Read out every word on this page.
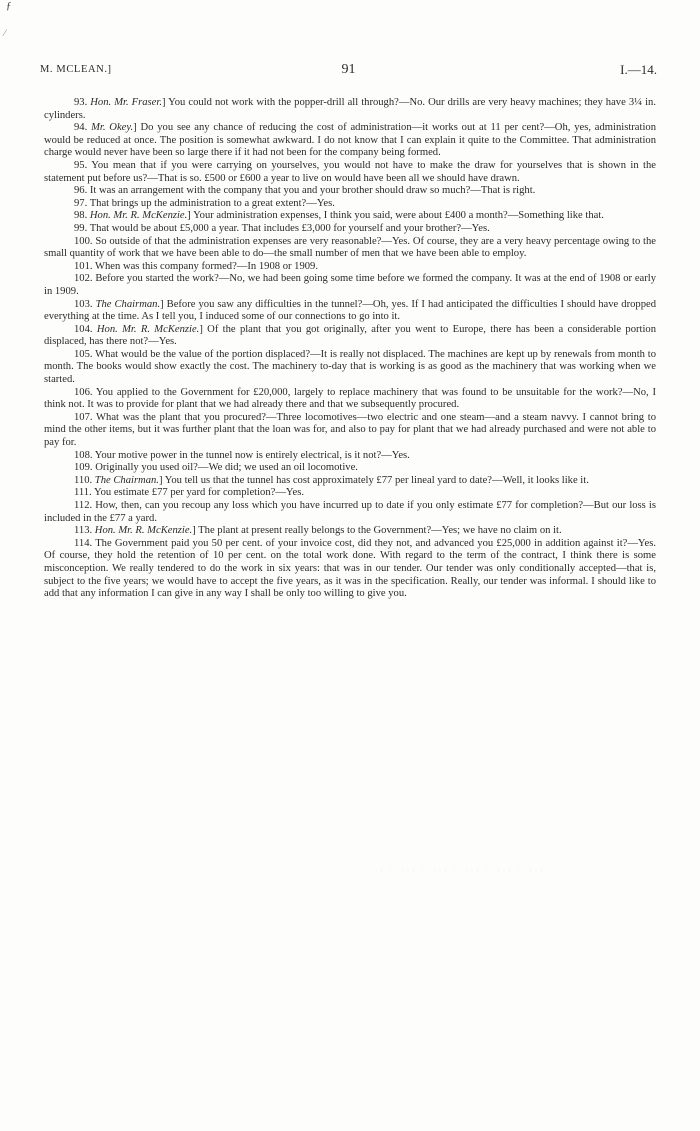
ƒ
⁄
M. MCLEAN.]	91	I.—14.

93. Hon. Mr. Fraser.] You could not work with the popper-drill all through?—No. Our drills are very heavy machines; they have 3¼ in. cylinders.

94. Mr. Okey.] Do you see any chance of reducing the cost of administration—it works out at 11 per cent?—Oh, yes, administration would be reduced at once. The position is somewhat awkward. I do not know that I can explain it quite to the Committee. That administration charge would never have been so large there if it had not been for the company being formed.

95. You mean that if you were carrying on yourselves, you would not have to make the draw for yourselves that is shown in the statement put before us?—That is so. £500 or £600 a year to live on would have been all we should have drawn.

96. It was an arrangement with the company that you and your brother should draw so much?—That is right.

97. That brings up the administration to a great extent?—Yes.

98. Hon. Mr. R. McKenzie.] Your administration expenses, I think you said, were about £400 a month?—Something like that.

99. That would be about £5,000 a year. That includes £3,000 for yourself and your brother?—Yes.

100. So outside of that the administration expenses are very reasonable?—Yes. Of course, they are a very heavy percentage owing to the small quantity of work that we have been able to do—the small number of men that we have been able to employ.

101. When was this company formed?—In 1908 or 1909.

102. Before you started the work?—No, we had been going some time before we formed the company. It was at the end of 1908 or early in 1909.

103. The Chairman.] Before you saw any difficulties in the tunnel?—Oh, yes. If I had anticipated the difficulties I should have dropped everything at the time. As I tell you, I induced some of our connections to go into it.

104. Hon. Mr. R. McKenzie.] Of the plant that you got originally, after you went to Europe, there has been a considerable portion displaced, has there not?—Yes.

105. What would be the value of the portion displaced?—It is really not displaced. The machines are kept up by renewals from month to month. The books would show exactly the cost. The machinery to-day that is working is as good as the machinery that was working when we started.

106. You applied to the Government for £20,000, largely to replace machinery that was found to be unsuitable for the work?—No, I think not. It was to provide for plant that we had already there and that we subsequently procured.

107. What was the plant that you procured?—Three locomotives—two electric and one steam—and a steam navvy. I cannot bring to mind the other items, but it was further plant that the loan was for, and also to pay for plant that we had already purchased and were not able to pay for.

108. Your motive power in the tunnel now is entirely electrical, is it not?—Yes.

109. Originally you used oil?—We did; we used an oil locomotive.

110. The Chairman.] You tell us that the tunnel has cost approximately £77 per lineal yard to date?—Well, it looks like it.

111. You estimate £77 per yard for completion?—Yes.

112. How, then, can you recoup any loss which you have incurred up to date if you only estimate £77 for completion?—But our loss is included in the £77 a yard.

113. Hon. Mr. R. McKenzie.] The plant at present really belongs to the Government?—Yes; we have no claim on it.

114. The Government paid you 50 per cent. of your invoice cost, did they not, and advanced you £25,000 in addition against it?—Yes. Of course, they hold the retention of 10 per cent. on the total work done. With regard to the term of the contract, I think there is some misconception. We really tendered to do the work in six years: that was in our tender. Our tender was only conditionally accepted—that is, subject to the five years; we would have to accept the five years, as it was in the specification. Really, our tender was informal. I should like to add that any information I can give in any way I shall be only too willing to give you.

· · · · · · · · · · · · · · ·
· · · · · · · · · · · · · · · ·
